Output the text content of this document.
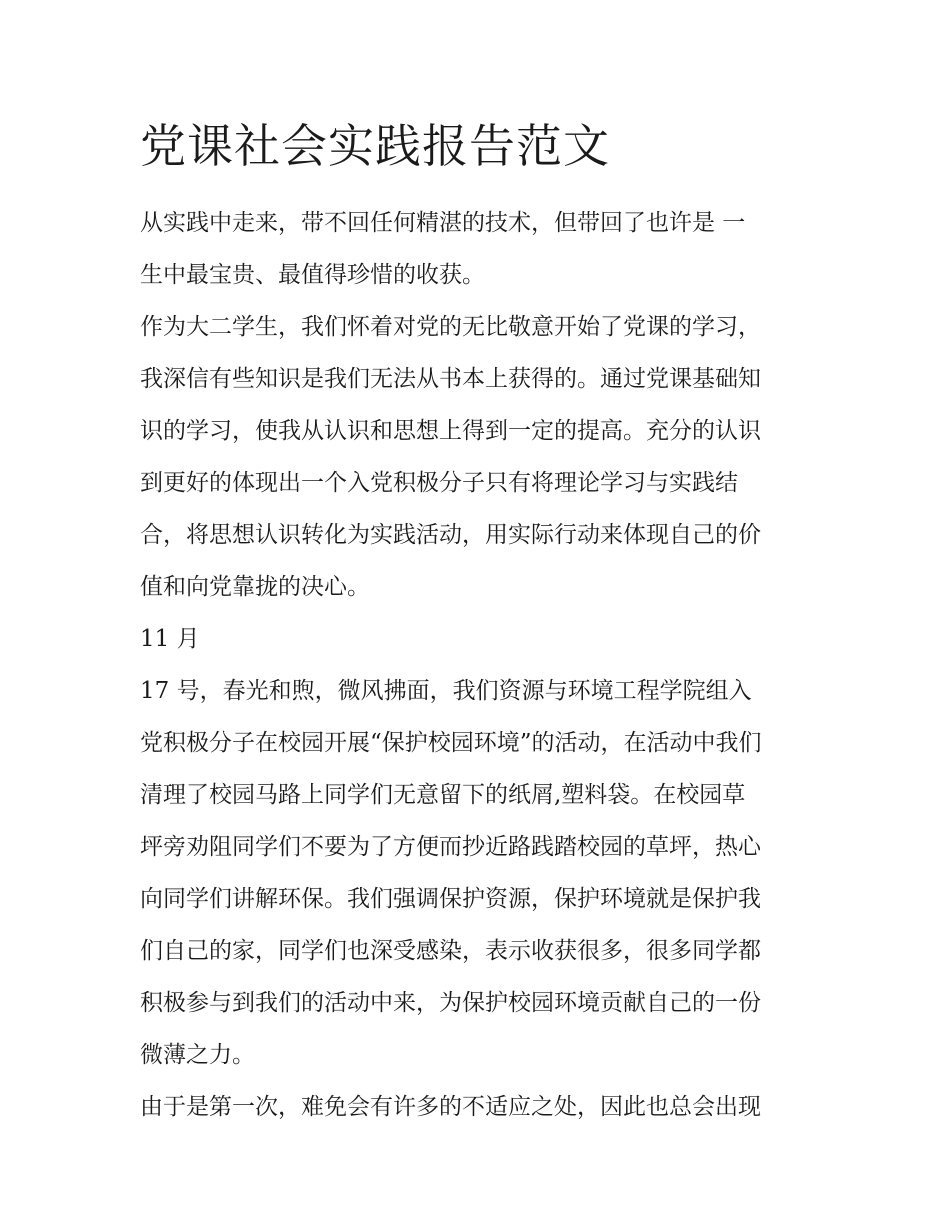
党课社会实践报告范文

从实践中走来，带不回任何精湛的技术，但带回了也许是 一

生中最宝贵、最值得珍惜的收获。

作为大二学生，我们怀着对党的无比敬意开始了党课的学习，

我深信有些知识是我们无法从书本上获得的。通过党课基础知

识的学习，使我从认识和思想上得到一定的提高。充分的认识

到更好的体现出一个入党积极分子只有将理论学习与实践结

合，将思想认识转化为实践活动，用实际行动来体现自己的价

值和向党靠拢的决心。

11 月

17 号，春光和煦，微风拂面，我们资源与环境工程学院组入

党积极分子在校园开展“保护校园环境”的活动，在活动中我们

清理了校园马路上同学们无意留下的纸屑,塑料袋。在校园草

坪旁劝阻同学们不要为了方便而抄近路践踏校园的草坪，热心

向同学们讲解环保。我们强调保护资源，保护环境就是保护我

们自己的家，同学们也深受感染，表示收获很多，很多同学都

积极参与到我们的活动中来，为保护校园环境贡献自己的一份

微薄之力。

由于是第一次，难免会有许多的不适应之处，因此也总会出现
